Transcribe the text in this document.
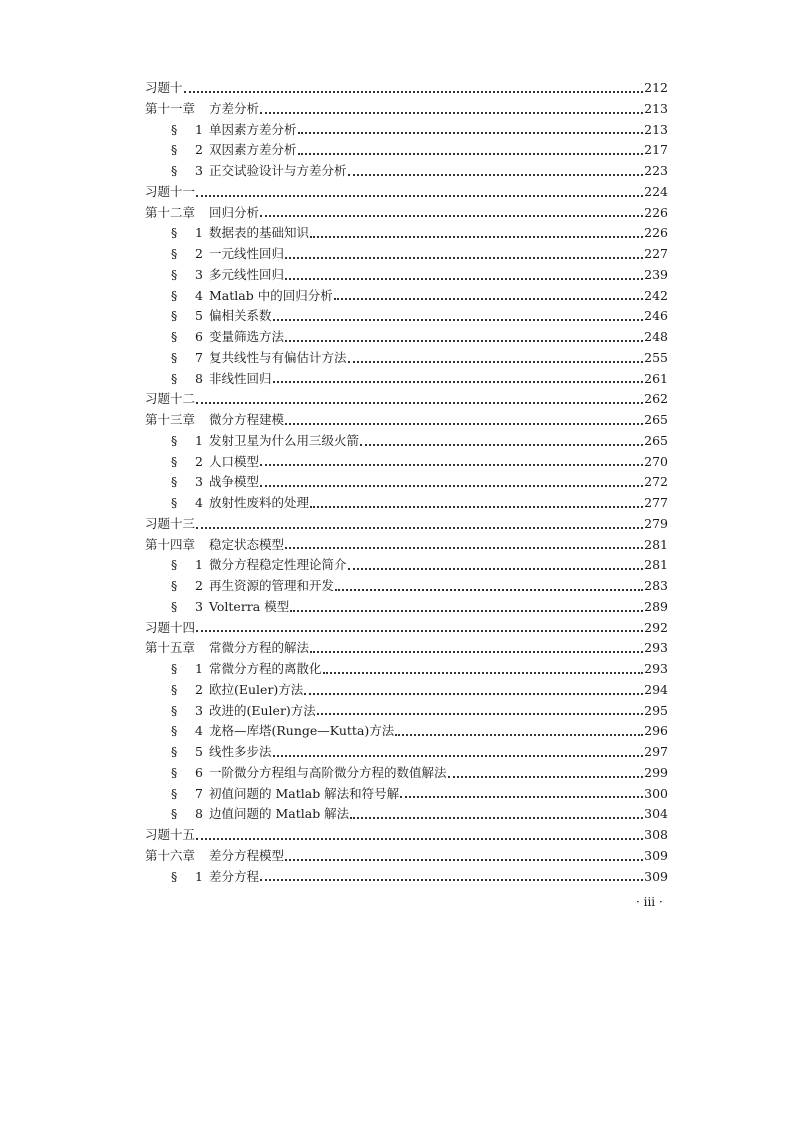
习题十	212
第十一章 方差分析	213
§	1 单因素方差分析	213
§	2 双因素方差分析	217
§	3 正交试验设计与方差分析	223
习题十一	224
第十二章 回归分析	226
§	1 数据表的基础知识	226
§	2 一元线性回归	227
§	3 多元线性回归	239
§	4 Matlab 中的回归分析	242
§	5 偏相关系数	246
§	6 变量筛选方法	248
§	7 复共线性与有偏估计方法	255
§	8 非线性回归	261
习题十二	262
第十三章 微分方程建模	265
§	1 发射卫星为什么用三级火箭	265
§	2 人口模型	270
§	3 战争模型	272
§	4 放射性废料的处理	277
习题十三	279
第十四章 稳定状态模型	281
§	1 微分方程稳定性理论简介	281
§	2 再生资源的管理和开发	283
§	3 Volterra 模型	289
习题十四	292
第十五章 常微分方程的解法	293
§	1 常微分方程的离散化	293
§	2 欧拉(Euler)方法	294
§	3 改进的(Euler)方法	295
§	4 龙格—库塔(Runge—Kutta)方法	296
§	5 线性多步法	297
§	6 一阶微分方程组与高阶微分方程的数值解法	299
§	7 初值问题的 Matlab 解法和符号解	300
§	8 边值问题的 Matlab 解法	304
习题十五	308
第十六章 差分方程模型	309
§	1 差分方程	309
· iii ·
